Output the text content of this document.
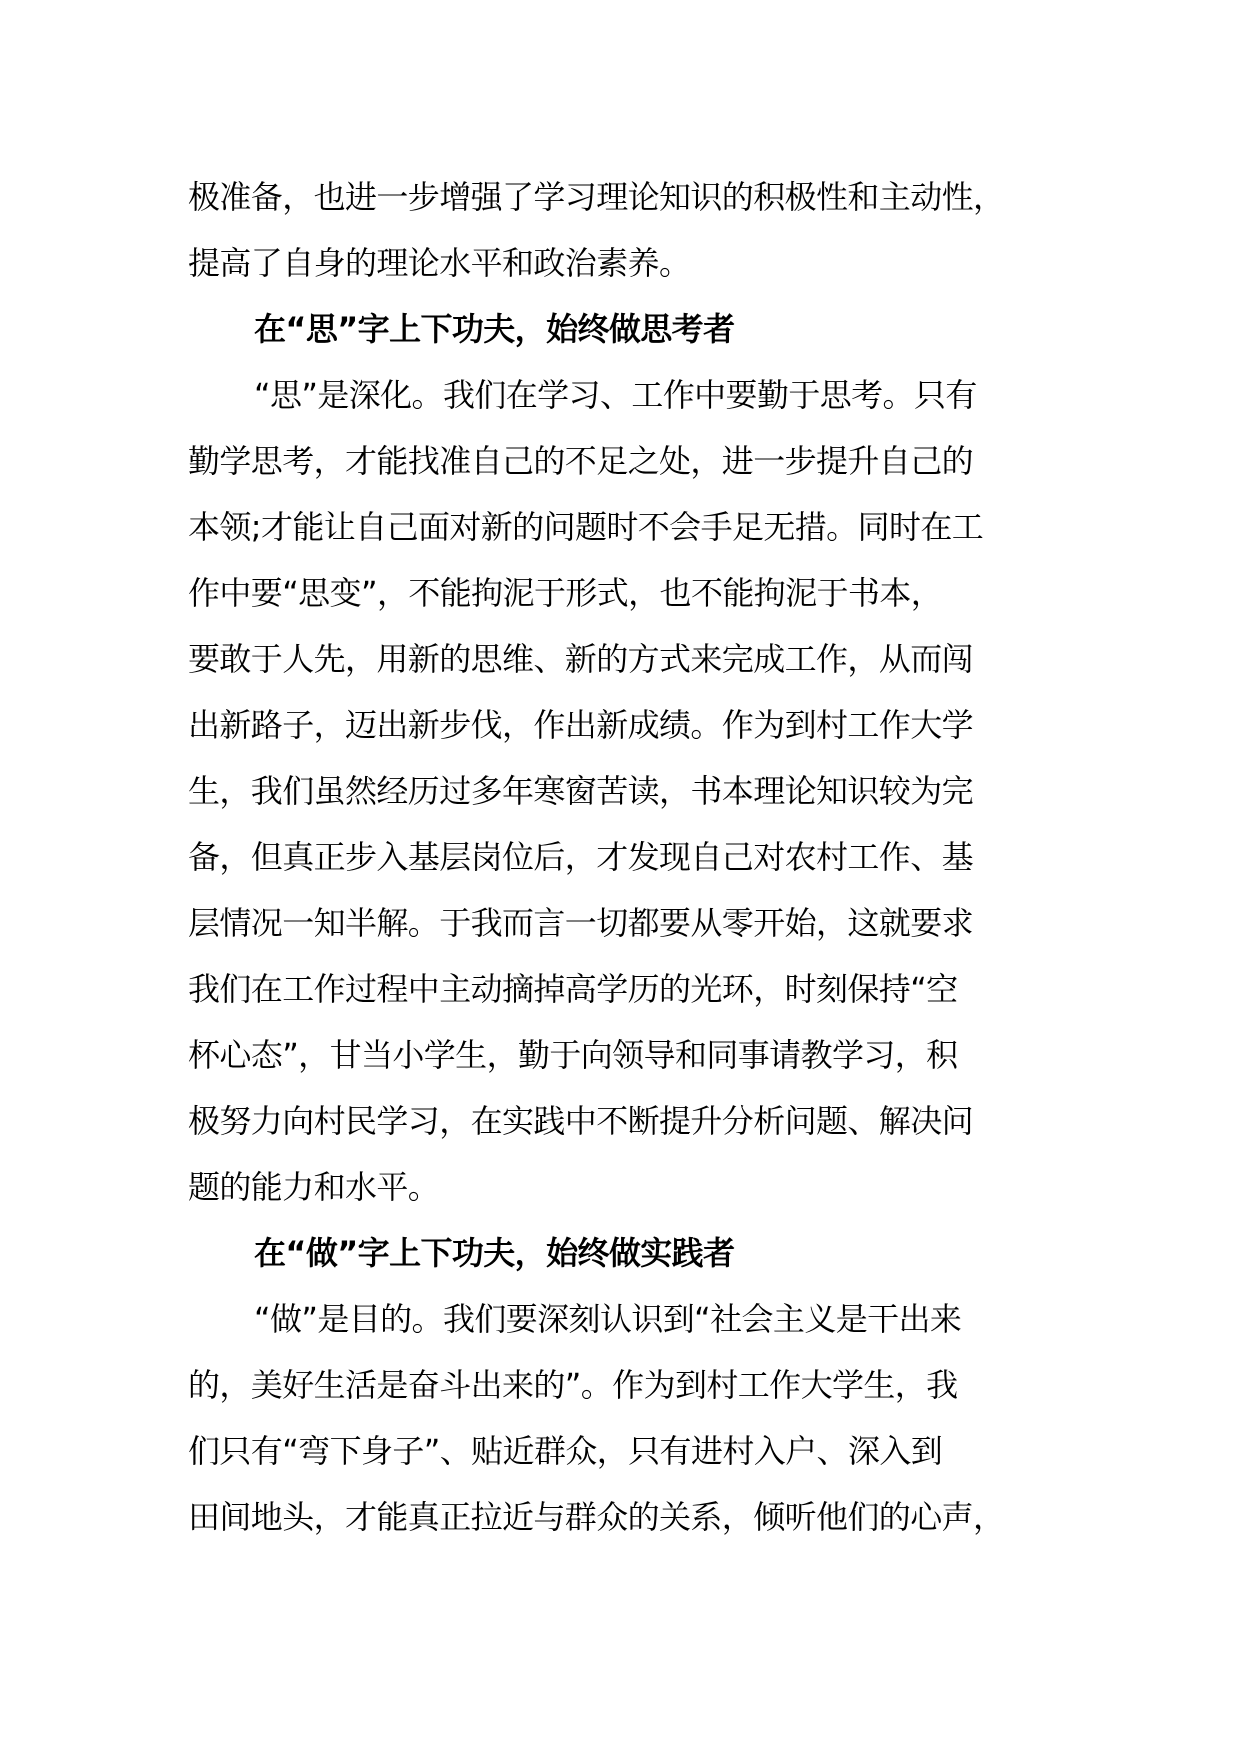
极准备，也进一步增强了学习理论知识的积极性和主动性，
提高了自身的理论水平和政治素养。
在“思”字上下功夫，始终做思考者
“思”是深化。我们在学习、工作中要勤于思考。只有
勤学思考，才能找准自己的不足之处，进一步提升自己的
本领;才能让自己面对新的问题时不会手足无措。同时在工
作中要“思变”，不能拘泥于形式，也不能拘泥于书本，
要敢于人先，用新的思维、新的方式来完成工作，从而闯
出新路子，迈出新步伐，作出新成绩。作为到村工作大学
生，我们虽然经历过多年寒窗苦读，书本理论知识较为完
备，但真正步入基层岗位后，才发现自己对农村工作、基
层情况一知半解。于我而言一切都要从零开始，这就要求
我们在工作过程中主动摘掉高学历的光环，时刻保持“空
杯心态”，甘当小学生，勤于向领导和同事请教学习，积
极努力向村民学习，在实践中不断提升分析问题、解决问
题的能力和水平。
在“做”字上下功夫，始终做实践者
“做”是目的。我们要深刻认识到“社会主义是干出来
的，美好生活是奋斗出来的”。作为到村工作大学生，我
们只有“弯下身子”、贴近群众，只有进村入户、深入到
田间地头，才能真正拉近与群众的关系，倾听他们的心声，
